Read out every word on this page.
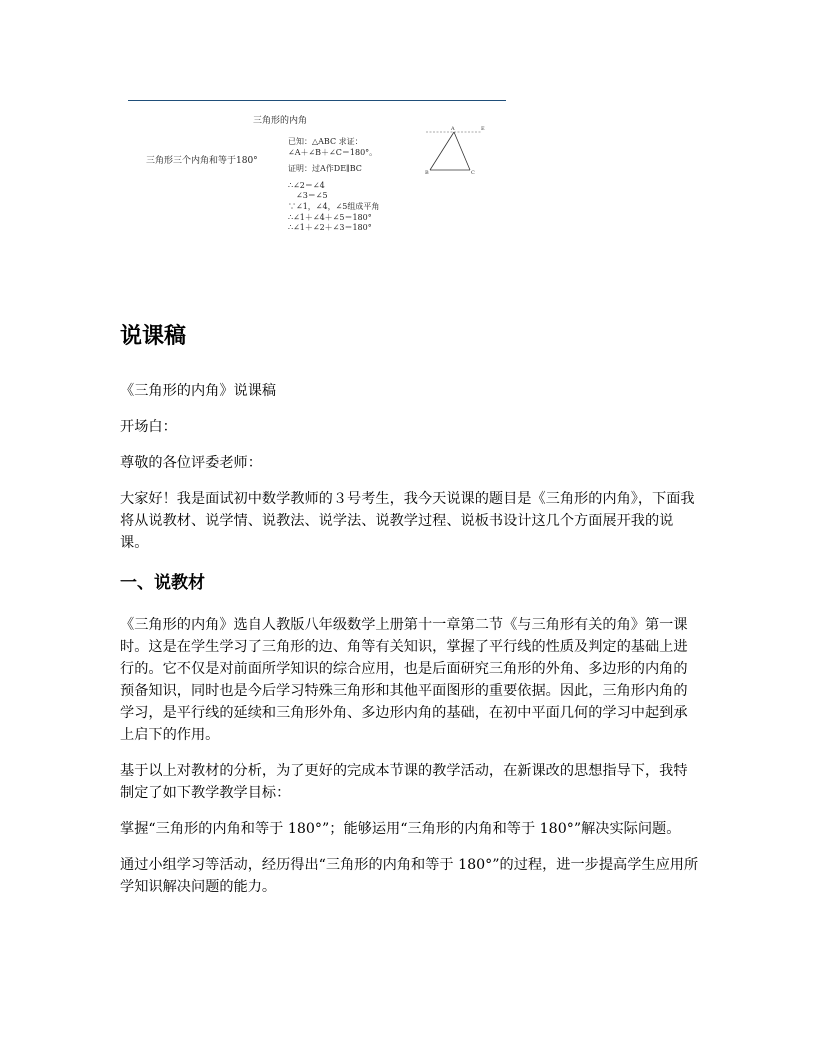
三角形的内角
三角形三个内角和等于180°
已知：△ABC 求证：
∠A＋∠B＋∠C＝180°。
证明：过A作DE∥BC
∴∠2＝∠4
∠3＝∠5
∵∠1，∠4，∠5组成平角
∴∠1＋∠4＋∠5＝180°
∴∠1＋∠2＋∠3＝180°
A
B	C
E
说课稿

《三角形的内角》说课稿

开场白：

尊敬的各位评委老师：

大家好！我是面试初中数学教师的３号考生，我今天说课的题目是《三角形的内角》，下面我将从说教材、说学情、说教法、说学法、说教学过程、说板书设计这几个方面展开我的说课。

一、说教材

《三角形的内角》选自人教版八年级数学上册第十一章第二节《与三角形有关的角》第一课时。这是在学生学习了三角形的边、角等有关知识，掌握了平行线的性质及判定的基础上进行的。它不仅是对前面所学知识的综合应用，也是后面研究三角形的外角、多边形的内角的预备知识，同时也是今后学习特殊三角形和其他平面图形的重要依据。因此，三角形内角的学习，是平行线的延续和三角形外角、多边形内角的基础，在初中平面几何的学习中起到承上启下的作用。

基于以上对教材的分析，为了更好的完成本节课的教学活动，在新课改的思想指导下，我特制定了如下教学教学目标：

掌握“三角形的内角和等于 180°”；能够运用“三角形的内角和等于 180°”解决实际问题。

通过小组学习等活动，经历得出“三角形的内角和等于 180°”的过程，进一步提高学生应用所学知识解决问题的能力。
